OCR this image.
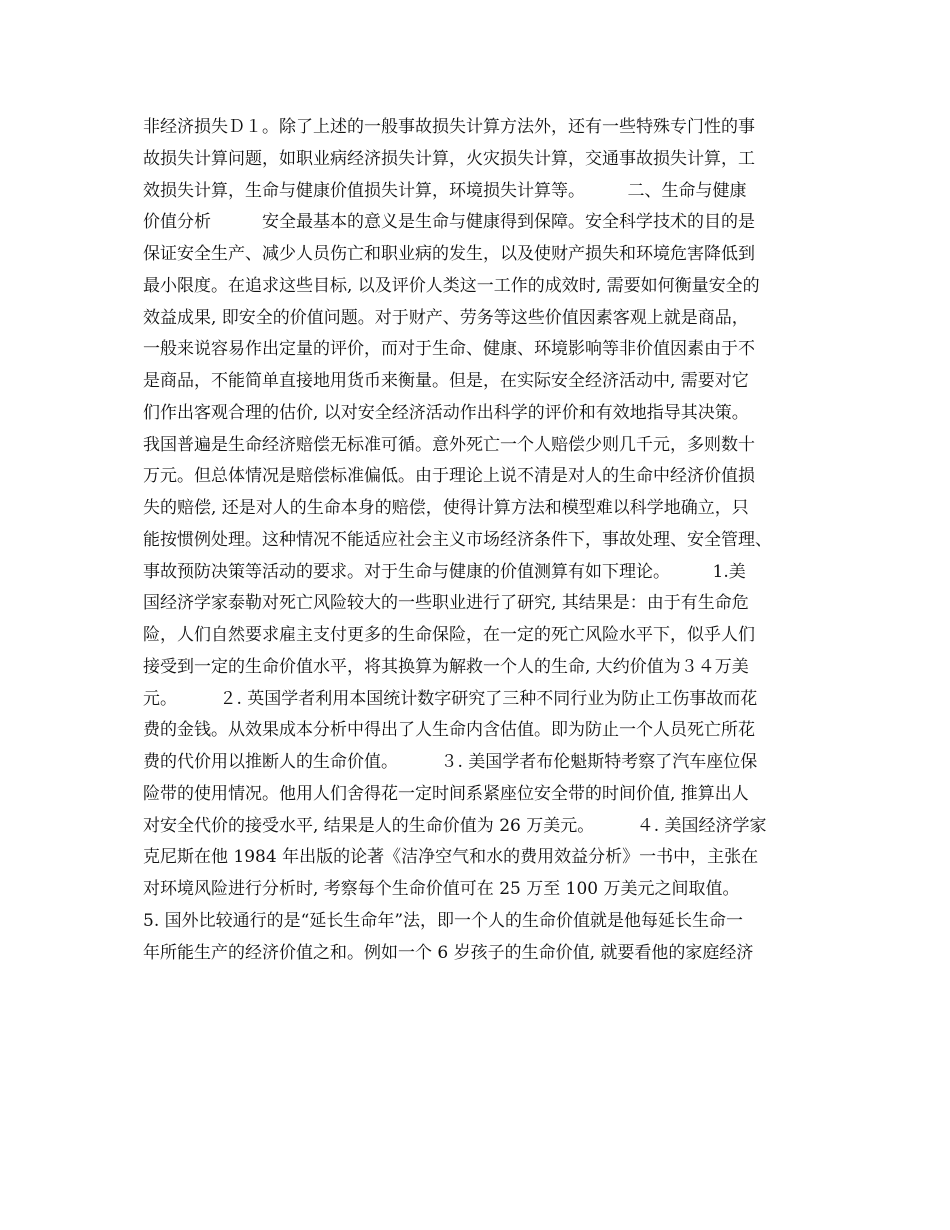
非经济损失Ｄ１。除了上述的一般事故损失计算方法外，还有一些特殊专门性的事
故损失计算问题，如职业病经济损失计算，火灾损失计算，交通事故损失计算，工
效损失计算，生命与健康价值损失计算，环境损失计算等。　　　二、生命与健康
价值分析　　　安全最基本的意义是生命与健康得到保障。安全科学技术的目的是
保证安全生产、减少人员伤亡和职业病的发生，以及使财产损失和环境危害降低到
最小限度。在追求这些目标, 以及评价人类这一工作的成效时, 需要如何衡量安全的
效益成果, 即安全的价值问题。对于财产、劳务等这些价值因素客观上就是商品，
一般来说容易作出定量的评价，而对于生命、健康、环境影响等非价值因素由于不
是商品，不能简单直接地用货币来衡量。但是，在实际安全经济活动中, 需要对它
们作出客观合理的估价, 以对安全经济活动作出科学的评价和有效地指导其决策。
我国普遍是生命经济赔偿无标准可循。意外死亡一个人赔偿少则几千元，多则数十
万元。但总体情况是赔偿标准偏低。由于理论上说不清是对人的生命中经济价值损
失的赔偿, 还是对人的生命本身的赔偿，使得计算方法和模型难以科学地确立，只
能按惯例处理。这种情况不能适应社会主义市场经济条件下，事故处理、安全管理、
事故预防决策等活动的要求。对于生命与健康的价值测算有如下理论。　　　1.美
国经济学家泰勒对死亡风险较大的一些职业进行了研究, 其结果是：由于有生命危
险，人们自然要求雇主支付更多的生命保险，在一定的死亡风险水平下，似乎人们
接受到一定的生命价值水平，将其换算为解救一个人的生命, 大约价值为３４万美
元。　　　２. 英国学者利用本国统计数字研究了三种不同行业为防止工伤事故而花
费的金钱。从效果成本分析中得出了人生命内含估值。即为防止一个人员死亡所花
费的代价用以推断人的生命价值。　　　３. 美国学者布伦魁斯特考察了汽车座位保
险带的使用情况。他用人们舍得花一定时间系紧座位安全带的时间价值, 推算出人
对安全代价的接受水平, 结果是人的生命价值为 26 万美元。　　　４. 美国经济学家
克尼斯在他 1984 年出版的论著《洁净空气和水的费用效益分析》一书中，主张在
对环境风险进行分析时, 考察每个生命价值可在 25 万至 100 万美元之间取值。
5. 国外比较通行的是“延长生命年”法，即一个人的生命价值就是他每延长生命一
年所能生产的经济价值之和。例如一个 6 岁孩子的生命价值, 就要看他的家庭经济
